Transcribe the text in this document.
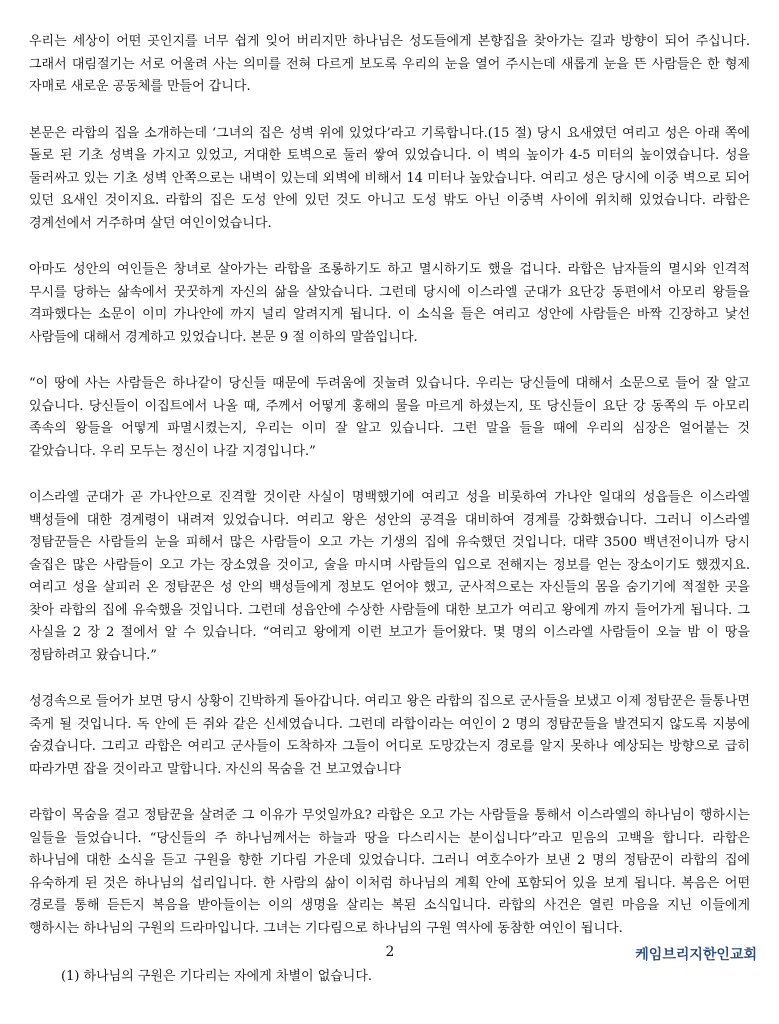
우리는 세상이 어떤 곳인지를 너무 쉽게 잊어 버리지만 하나님은 성도들에게 본향집을 찾아가는 길과 방향이 되어 주십니다. 그래서 대림절기는 서로 어울려 사는 의미를 전혀 다르게 보도록 우리의 눈을 열어 주시는데 새롭게 눈을 뜬 사람들은 한 형제 자매로 새로운 공동체를 만들어 갑니다.

본문은 라합의 집을 소개하는데 ‘그녀의 집은 성벽 위에 있었다’라고 기록합니다.(15 절) 당시 요새였던 여리고 성은 아래 쪽에 돌로 된 기초 성벽을 가지고 있었고, 거대한 토벽으로 둘러 쌓여 있었습니다. 이 벽의 높이가 4-5 미터의 높이였습니다. 성을 둘러싸고 있는 기초 성벽 안쪽으로는 내벽이 있는데 외벽에 비해서 14 미터나 높았습니다. 여리고 성은 당시에 이중 벽으로 되어 있던 요새인 것이지요. 라합의 집은 도성 안에 있던 것도 아니고 도성 밖도 아닌 이중벽 사이에 위치해 있었습니다. 라합은 경계선에서 거주하며 살던 여인이었습니다.

아마도 성안의 여인들은 창녀로 살아가는 라합을 조롱하기도 하고 멸시하기도 했을 겁니다. 라합은 남자들의 멸시와 인격적 무시를 당하는 삶속에서 꿋꿋하게 자신의 삶을 살았습니다. 그런데 당시에 이스라엘 군대가 요단강 동편에서 아모리 왕들을 격파했다는 소문이 이미 가나안에 까지 널리 알려지게 됩니다. 이 소식을 들은 여리고 성안에 사람들은 바짝 긴장하고 낯선 사람들에 대해서 경계하고 있었습니다. 본문 9 절 이하의 말씀입니다.

“이 땅에 사는 사람들은 하나같이 당신들 때문에 두려움에 짓눌려 있습니다. 우리는 당신들에 대해서 소문으로 들어 잘 알고 있습니다. 당신들이 이집트에서 나올 때, 주께서 어떻게 홍해의 물을 마르게 하셨는지, 또 당신들이 요단 강 동쪽의 두 아모리 족속의 왕들을 어떻게 파멸시켰는지, 우리는 이미 잘 알고 있습니다. 그런 말을 들을 때에 우리의 심장은 얼어붙는 것 같았습니다. 우리 모두는 정신이 나갈 지경입니다.”

이스라엘 군대가 곧 가나안으로 진격할 것이란 사실이 명백했기에 여리고 성을 비롯하여 가나안 일대의 성읍들은 이스라엘 백성들에 대한 경계령이 내려져 있었습니다. 여리고 왕은 성안의 공격을 대비하여 경계를 강화했습니다. 그러니 이스라엘 정탐꾼들은 사람들의 눈을 피해서 많은 사람들이 오고 가는 기생의 집에 유숙했던 것입니다. 대략 3500 백년전이니까 당시 술집은 많은 사람들이 오고 가는 장소였을 것이고, 술을 마시며 사람들의 입으로 전해지는 정보를 얻는 장소이기도 했겠지요. 여리고 성을 살피러 온 정탐꾼은 성 안의 백성들에게 정보도 얻어야 했고, 군사적으로는 자신들의 몸을 숨기기에 적절한 곳을 찾아 라합의 집에 유숙했을 것입니다. 그런데 성읍안에 수상한 사람들에 대한 보고가 여리고 왕에게 까지 들어가게 됩니다. 그 사실을 2 장 2 절에서 알 수 있습니다. “여리고 왕에게 이런 보고가 들어왔다. 몇 명의 이스라엘 사람들이 오늘 밤 이 땅을 정탐하려고 왔습니다.”

성경속으로 들어가 보면 당시 상황이 긴박하게 돌아갑니다. 여리고 왕은 라합의 집으로 군사들을 보냈고 이제 정탐꾼은 들통나면 죽게 될 것입니다. 독 안에 든 쥐와 같은 신세였습니다. 그런데 라합이라는 여인이 2 명의 정탐꾼들을 발견되지 않도록 지붕에 숨겼습니다. 그리고 라합은 여리고 군사들이 도착하자 그들이 어디로 도망갔는지 경로를 알지 못하나 예상되는 방향으로 급히 따라가면 잡을 것이라고 말합니다. 자신의 목숨을 건 보고였습니다

라합이 목숨을 걸고 정탐꾼을 살려준 그 이유가 무엇일까요? 라합은 오고 가는 사람들을 통해서 이스라엘의 하나님이 행하시는 일들을 들었습니다. “당신들의 주 하나님께서는 하늘과 땅을 다스리시는 분이십니다”라고 믿음의 고백을 합니다. 라합은 하나님에 대한 소식을 듣고 구원을 향한 기다림 가운데 있었습니다. 그러니 여호수아가 보낸 2 명의 정탐꾼이 라합의 집에 유숙하게 된 것은 하나님의 섭리입니다. 한 사람의 삶이 이처럼 하나님의 계획 안에 포함되어 있을 보게 됩니다. 복음은 어떤 경로를 통해 듣든지 복음을 받아들이는 이의 생명을 살리는 복된 소식입니다. 라합의 사건은 열린 마음을 지닌 이들에게 행하시는 하나님의 구원의 드라마입니다. 그녀는 기다림으로 하나님의 구원 역사에 동참한 여인이 됩니다.

(1) 하나님의 구원은 기다리는 자에게 차별이 없습니다.

2	케임브리지한인교회
